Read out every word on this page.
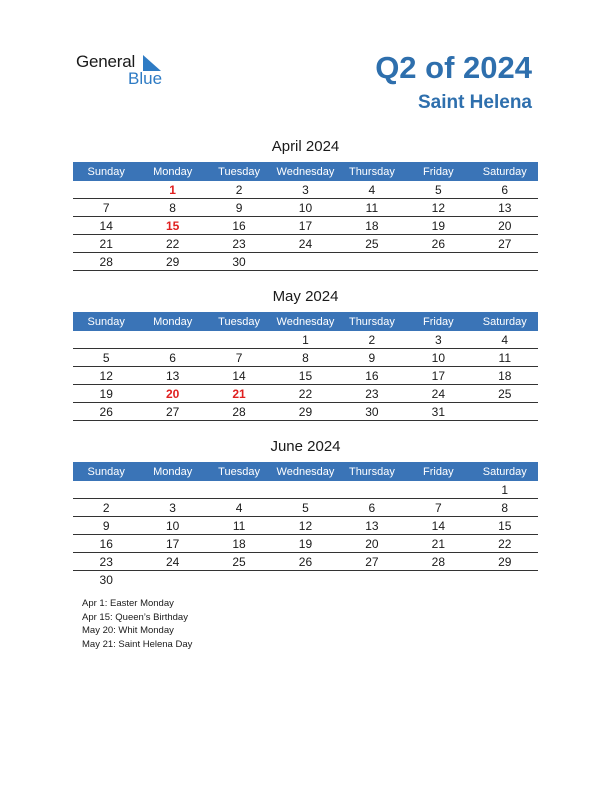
General
Blue	Q2 of 2024
Saint Helena
April 2024
Sunday	Monday	Tuesday	Wednesday	Thursday	Friday	Saturday
	1	2	3	4	5	6
7	8	9	10	11	12	13
14	15	16	17	18	19	20
21	22	23	24	25	26	27
28	29	30				
May 2024
Sunday	Monday	Tuesday	Wednesday	Thursday	Friday	Saturday
			1	2	3	4
5	6	7	8	9	10	11
12	13	14	15	16	17	18
19	20	21	22	23	24	25
26	27	28	29	30	31	
June 2024
Sunday	Monday	Tuesday	Wednesday	Thursday	Friday	Saturday
						1
2	3	4	5	6	7	8
9	10	11	12	13	14	15
16	17	18	19	20	21	22
23	24	25	26	27	28	29
30						
Apr 1: Easter Monday
Apr 15: Queen’s Birthday
May 20: Whit Monday
May 21: Saint Helena Day
